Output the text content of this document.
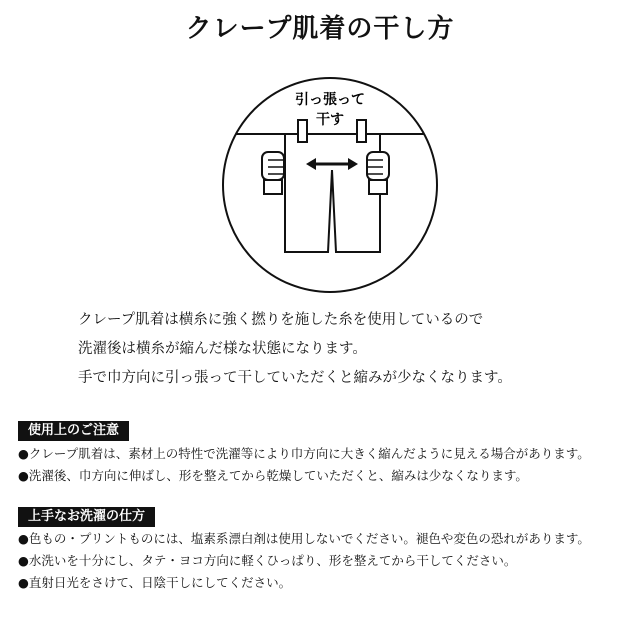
クレープ肌着の干し方
引っ張って
干す

クレープ肌着は横糸に強く撚りを施した糸を使用しているので

洗濯後は横糸が縮んだ様な状態になります。

手で巾方向に引っ張って干していただくと縮みが少なくなります。

使用上のご注意
●クレープ肌着は、素材上の特性で洗濯等により巾方向に大きく縮んだように見える場合があります。
●洗濯後、巾方向に伸ばし、形を整えてから乾燥していただくと、縮みは少なくなります。
上手なお洗濯の仕方
●色もの・プリントものには、塩素系漂白剤は使用しないでください。褪色や変色の恐れがあります。
●水洗いを十分にし、タテ・ヨコ方向に軽くひっぱり、形を整えてから干してください。
●直射日光をさけて、日陰干しにしてください。
